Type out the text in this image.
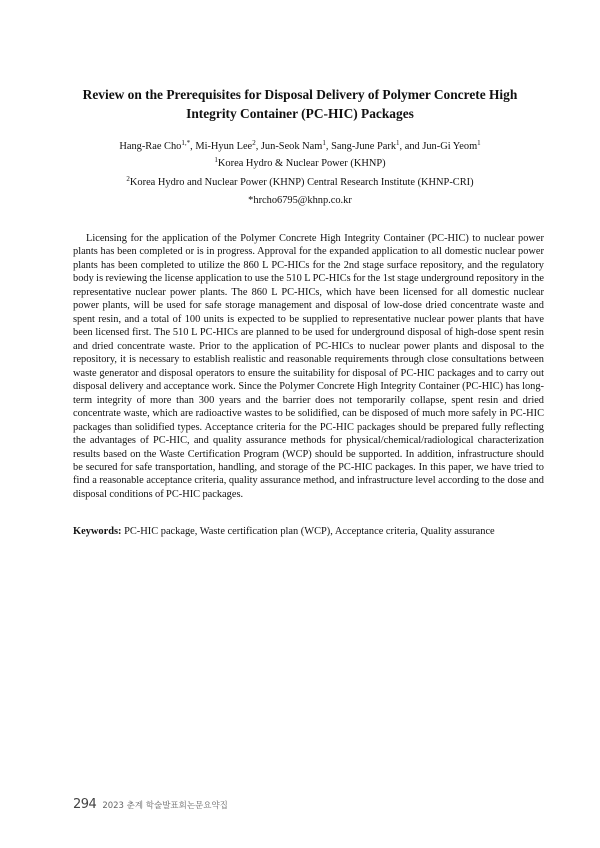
Review on the Prerequisites for Disposal Delivery of Polymer Concrete High Integrity Container (PC-HIC) Packages
Hang-Rae Cho$^{1,*}$, Mi-Hyun Lee$^2$, Jun-Seok Nam$^1$, Sang-June Park$^1$, and Jun-Gi Yeom$^1$
$^1$Korea Hydro & Nuclear Power (KHNP)
$^2$Korea Hydro and Nuclear Power (KHNP) Central Research Institute (KHNP-CRI)
*hrcho6795@khnp.co.kr

Licensing for the application of the Polymer Concrete High Integrity Container (PC-HIC) to nuclear power plants has been completed or is in progress. Approval for the expanded application to all domestic nuclear power plants has been completed to utilize the 860 L PC-HICs for the 2nd stage surface repository, and the regulatory body is reviewing the license application to use the 510 L PC-HICs for the 1st stage underground repository in the representative nuclear power plants. The 860 L PC-HICs, which have been licensed for all domestic nuclear power plants, will be used for safe storage management and disposal of low-dose dried concentrate waste and spent resin, and a total of 100 units is expected to be supplied to representative nuclear power plants that have been licensed first. The 510 L PC-HICs are planned to be used for underground disposal of high-dose spent resin and dried concentrate waste. Prior to the application of PC-HICs to nuclear power plants and disposal to the repository, it is necessary to establish realistic and reasonable requirements through close consultations between waste generator and disposal operators to ensure the suitability for disposal of PC-HIC packages and to carry out disposal delivery and acceptance work. Since the Polymer Concrete High Integrity Container (PC-HIC) has long-term integrity of more than 300 years and the barrier does not temporarily collapse, spent resin and dried concentrate waste, which are radioactive wastes to be solidified, can be disposed of much more safely in PC-HIC packages than solidified types. Acceptance criteria for the PC-HIC packages should be prepared fully reflecting the advantages of PC-HIC, and quality assurance methods for physical/chemical/radiological characterization results based on the Waste Certification Program (WCP) should be supported. In addition, infrastructure should be secured for safe transportation, handling, and storage of the PC-HIC packages. In this paper, we have tried to find a reasonable acceptance criteria, quality assurance method, and infrastructure level according to the dose and disposal conditions of PC-HIC packages.

Keywords: PC-HIC package, Waste certification plan (WCP), Acceptance criteria, Quality assurance
294 2023 춘계 학술발표회논문요약집
